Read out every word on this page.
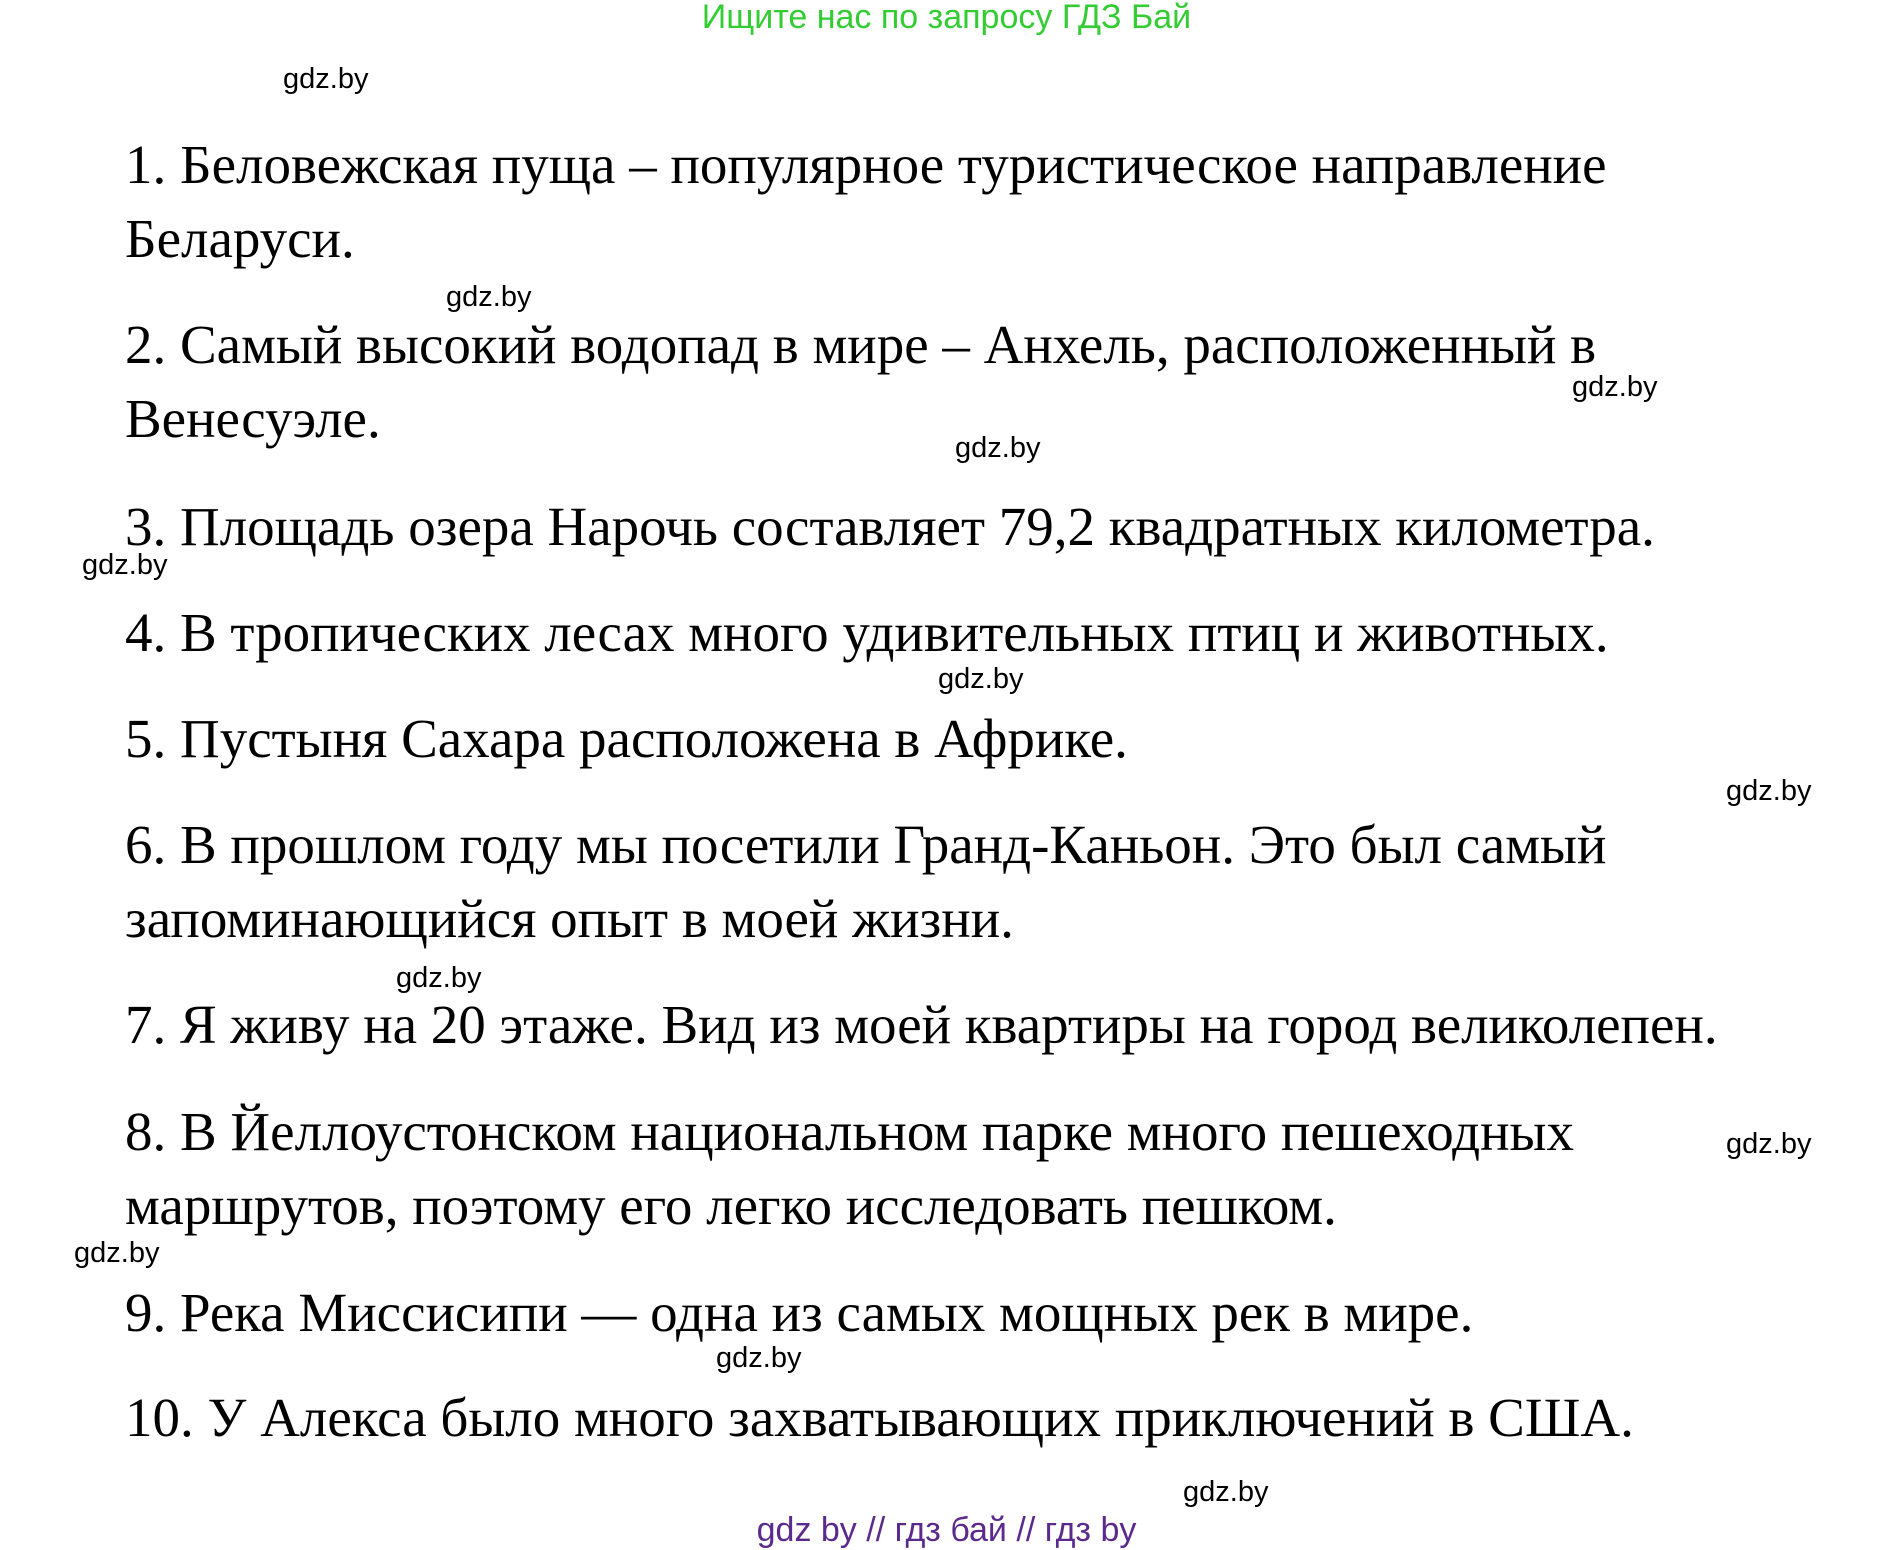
Ищите нас по запросу ГДЗ Бай
gdz.by
gdz.by
gdz.by
gdz.by
gdz.by
gdz.by
gdz.by
gdz.by
gdz.by
gdz.by
gdz.by
gdz.by
1. Беловежская пуща – популярное туристическое направление
Беларуси.
2. Самый высокий водопад в мире – Анхель, расположенный в
Венесуэле.
3. Площадь озера Нарочь составляет 79,2 квадратных километра.
4. В тропических лесах много удивительных птиц и животных.
5. Пустыня Сахара расположена в Африке.
6. В прошлом году мы посетили Гранд-Каньон. Это был самый
запоминающийся опыт в моей жизни.
7. Я живу на 20 этаже. Вид из моей квартиры на город великолепен.
8. В Йеллоустонском национальном парке много пешеходных
маршрутов, поэтому его легко исследовать пешком.
9. Река Миссисипи — одна из самых мощных рек в мире.
10. У Алекса было много захватывающих приключений в США.
gdz by // гдз бай // гдз by
